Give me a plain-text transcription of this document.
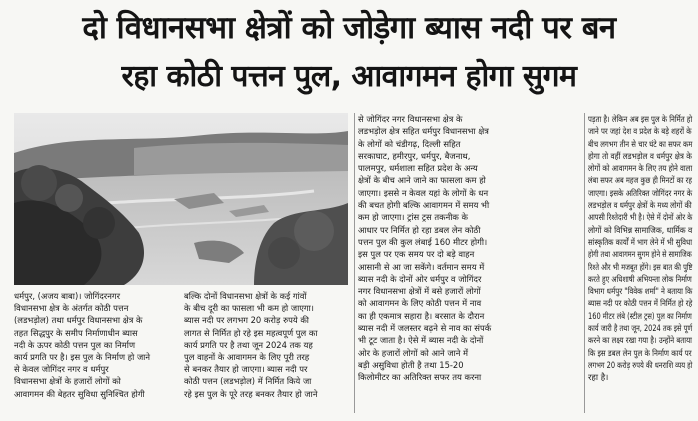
दो विधानसभा क्षेत्रों को जोड़ेगा ब्यास नदी पर बन
रहा कोठी पत्तन पुल, आवागमन होगा सुगम
धर्मपुर, (अजय बाबा)। जोगिंदरनगर
विधानसभा क्षेत्र के अंतर्गत कोठी पत्तन
(लडभड़ोल) तथा धर्मपुर विधानसभा क्षेत्र के
तहत सिद्धपुर के समीप निर्माणाधीन ब्यास
नदी के ऊपर कोठी पत्तन पुल का निर्माण
कार्य प्रगति पर है। इस पुल के निर्माण हो जाने
से केवल जोगिंदर नगर व धर्मपुर
विधानसभा क्षेत्रों के हजारों लोगों को
आवागमन की बेहतर सुविधा सुनिश्चित होगी
बल्कि दोनों विधानसभा क्षेत्रों के कई गांवों
के बीच दूरी का फासला भी कम हो जाएगा।
ब्यास नदी पर लगभग 20 करोड़ रुपये की
लागत से निर्मित हो रहे इस महत्वपूर्ण पुल का
कार्य प्रगति पर है तथा जून 2024 तक यह
पुल वाहनों के आवागमन के लिए पूरी तरह
से बनकर तैयार हो जाएगा। ब्यास नदी पर
कोठी पत्तन (लडभड़ोल) में निर्मित किये जा
रहे इस पुल के पूरे तरह बनकर तैयार हो जाने
से जोगिंदर नगर विधानसभा क्षेत्र के
लडभड़ोल क्षेत्र सहित धर्मपुर विधानसभा क्षेत्र
के लोगों को चंडीगढ़, दिल्ली सहित
सरकाघाट, हमीरपुर, धर्मपुर, बैजनाथ,
पालमपुर, धर्मशाला सहित प्रदेश के अन्य
क्षेत्रों के बीच आने जाने का फासला कम हो
जाएगा। इससे न केवल यहां के लोगों के धन
की बचत होगी बल्कि आवागमन में समय भी
कम हो जाएगा। ट्रांस ट्रस तकनीक के
आधार पर निर्मित हो रहा डबल लेन कोठी
पत्तन पुल की कुल लंबाई 160 मीटर होगी।
इस पुल पर एक समय पर दो बड़े वाहन
आसानी से आ जा सकेंगे। वर्तमान समय में
ब्यास नदी के दोनों ओर धर्मपुर व जोगिंदर
नगर विधानसभा क्षेत्रों में बसे हजारों लोगों
को आवागमन के लिए कोठी पत्तन में नाव
का ही एकमात्र सहारा है। बरसात के दौरान
ब्यास नदी में जलस्तर बढ़ने से नाव का संपर्क
भी टूट जाता है। ऐसे में ब्यास नदी के दोनों
ओर के हजारों लोगों को आने जाने में
बड़ी असुविधा होती है तथा 15-20
किलोमीटर का अतिरिक्त सफर तय करना
पड़ता है। लेकिन अब इस पुल के निर्मित हो
जाने पर जहां देश व प्रदेश के बड़े शहरों के
बीच लगभग तीन से चार घंटे का सफर कम
होगा तो वहीं लडभड़ोल व धर्मपुर क्षेत्र के
लोगों को आवागमन के लिए तय होने वाला
लंबा सफर अब महज कुछ ही मिनटों का रह
जाएगा। इसके अतिरिक्त जोगिंदर नगर के
लडभड़ोल व धर्मपुर क्षेत्रों के मध्य लोगों की
आपसी रिश्तेदारी भी है। ऐसे में दोनों ओर के
लोगों को विभिन्न सामाजिक, धार्मिक व
सांस्कृतिक कार्यों में भाग लेने में भी सुविधा
होगी तथा आवागमन सुगम होने से सामाजिक
रिश्ते और भी मजबूत होंगे। इस बात की पुष्टि
करते हुए अधिशाषी अभियन्ता लोक निर्माण
विभाग धर्मपुर "विवेक शर्मा" ने बताया कि
ब्यास नदी पर कोठी पत्तन में निर्मित हो रहे
160 मीटर लंबे (स्टील ट्रस) पुल का निर्माण
कार्य जारी है तथा जून, 2024 तक इसे पूर्ण
करने का लक्ष्य रखा गया है। उन्होंने बताया
कि इस डबल लेन पुल के निर्माण कार्य पर
लगभग 20 करोड़ रुपये की धनराशि व्यय हो
रहा है।
